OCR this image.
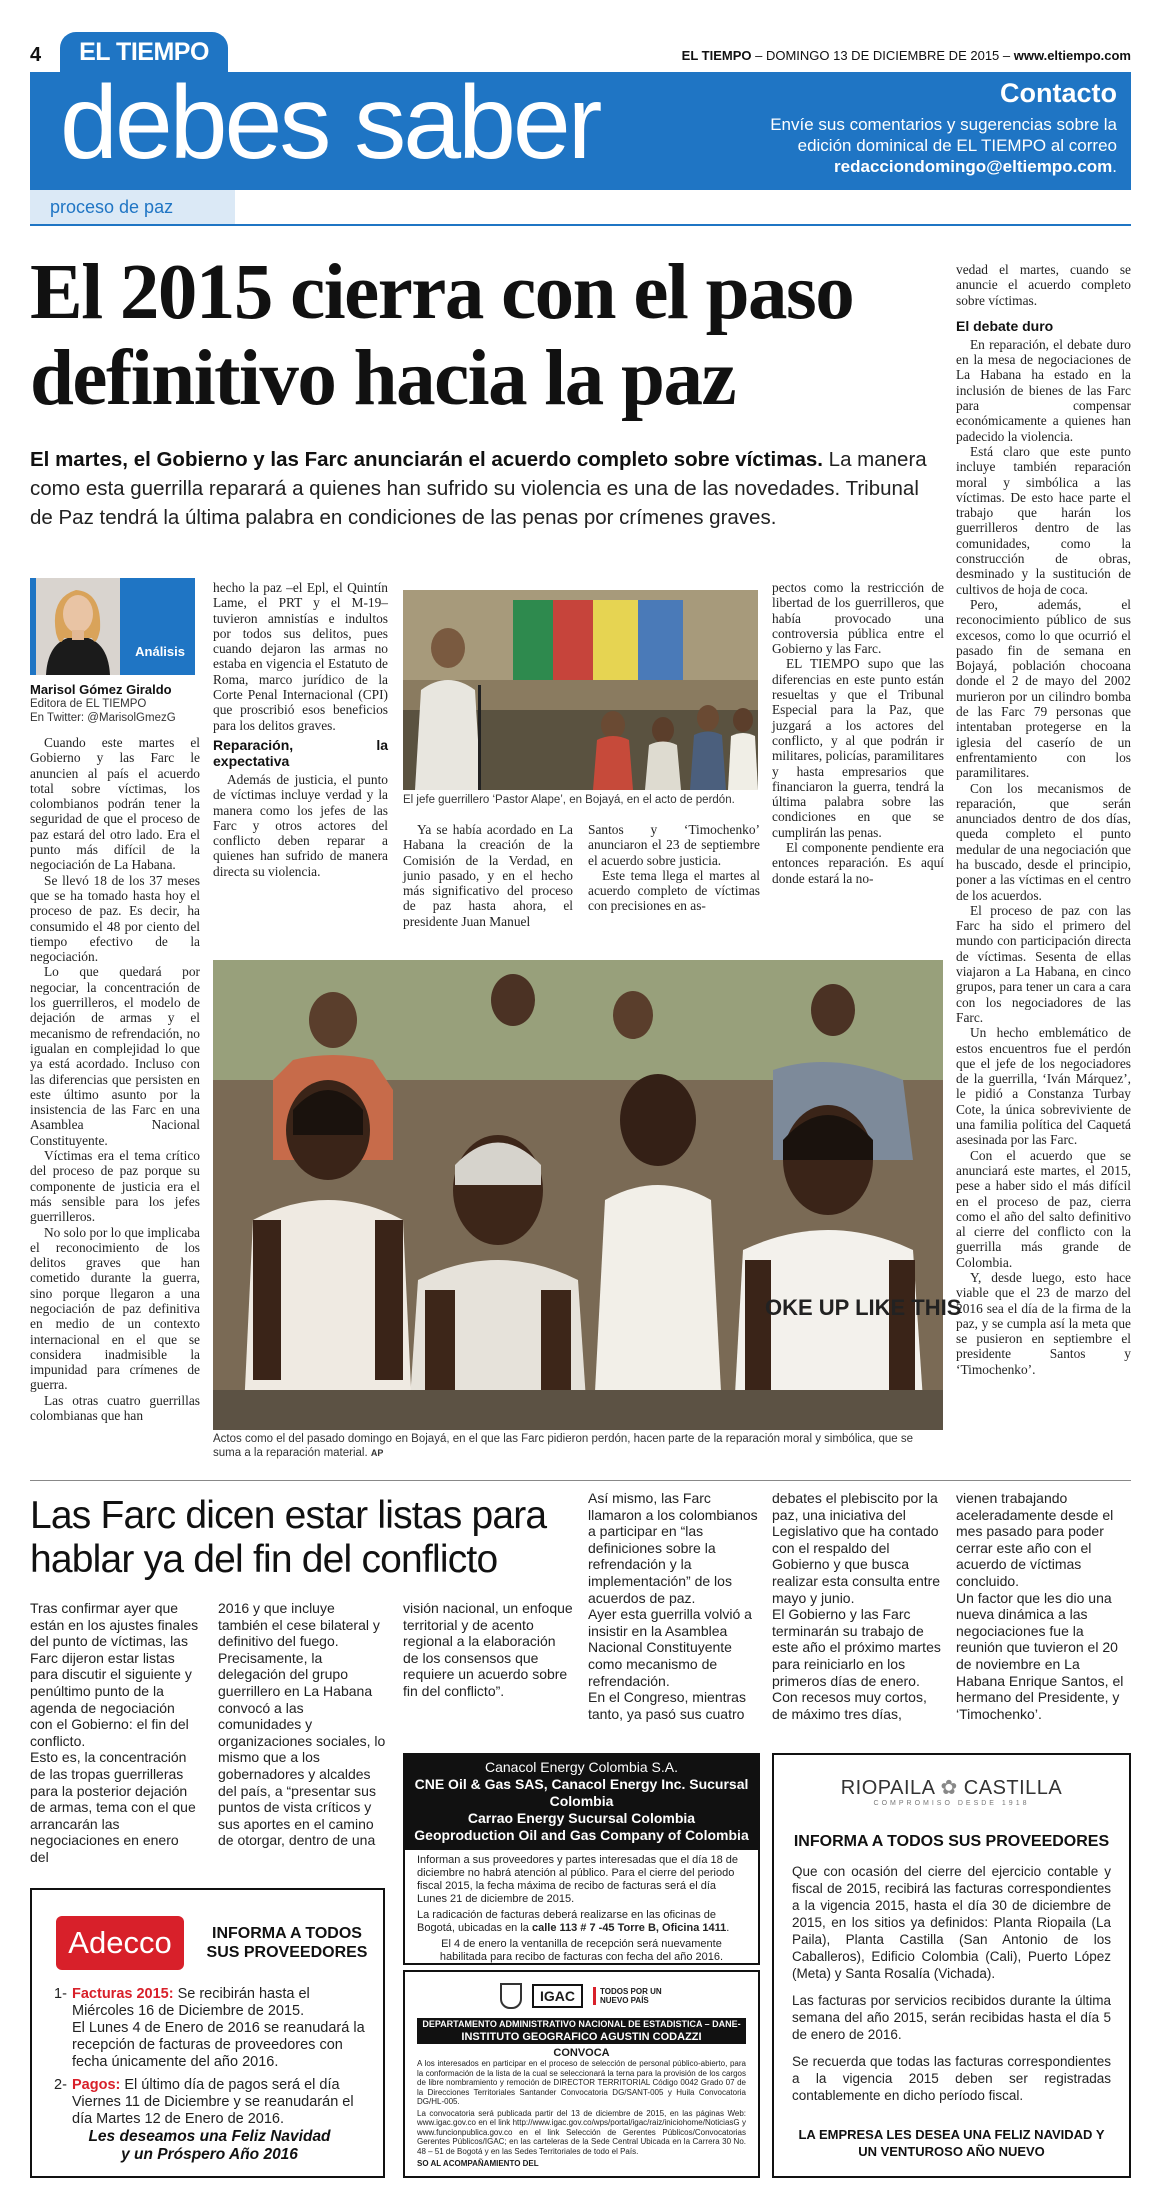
4	EL TIEMPO	EL TIEMPO – DOMINGO 13 DE DICIEMBRE DE 2015 – www.eltiempo.com
debes saber	Contacto
Envíe sus comentarios y sugerencias sobre la
edición dominical de EL TIEMPO al correo
redacciondomingo@eltiempo.com.
proceso de paz
El 2015 cierra con el paso
definitivo hacia la paz
El martes, el Gobierno y las Farc anunciarán el acuerdo completo sobre víctimas. La manera como esta guerrilla reparará a quienes han sufrido su violencia es una de las novedades. Tribunal de Paz tendrá la última palabra en condiciones de las penas por crímenes graves.
Análisis
Marisol Gómez Giraldo
Editora de EL TIEMPO
En Twitter: @MarisolGmezG

Cuando este martes el Gobierno y las Farc le anuncien al país el acuerdo total sobre víctimas, los colombianos podrán tener la seguridad de que el proceso de paz estará del otro lado. Era el punto más difícil de la negociación de La Habana.

Se llevó 18 de los 37 meses que se ha tomado hasta hoy el proceso de paz. Es decir, ha consumido el 48 por ciento del tiempo efectivo de la negociación.

Lo que quedará por negociar, la concentración de los guerrilleros, el modelo de dejación de armas y el mecanismo de refrendación, no igualan en complejidad lo que ya está acordado. Incluso con las diferencias que persisten en este último asunto por la insistencia de las Farc en una Asamblea Nacional Constituyente.

Víctimas era el tema crítico del proceso de paz porque su componente de justicia era el más sensible para los jefes guerrilleros.

No solo por lo que implicaba el reconocimiento de los delitos graves que han cometido durante la guerra, sino porque llegaron a una negociación de paz definitiva en medio de un contexto internacional en el que se considera inadmisible la impunidad para crímenes de guerra.

Las otras cuatro guerrillas colombianas que han

hecho la paz –el Epl, el Quintín Lame, el PRT y el M-19– tuvieron amnistías e indultos por todos sus delitos, pues cuando dejaron las armas no estaba en vigencia el Estatuto de Roma, marco jurídico de la Corte Penal Internacional (CPI) que proscribió esos beneficios para los delitos graves.

Reparación, la expectativa

Además de justicia, el punto de víctimas incluye verdad y la manera como los jefes de las Farc y otros actores del conflicto deben reparar a quienes han sufrido de manera directa su violencia.

El jefe guerrillero ‘Pastor Alape’, en Bojayá, en el acto de perdón.

Ya se había acordado en La Habana la creación de la Comisión de la Verdad, en junio pasado, y en el hecho más significativo del proceso de paz hasta ahora, el presidente Juan Manuel

Santos y ‘Timochenko’ anunciaron el 23 de septiembre el acuerdo sobre justicia.

Este tema llega el martes al acuerdo completo de víctimas con precisiones en as-

pectos como la restricción de libertad de los guerrilleros, que había provocado una controversia pública entre el Gobierno y las Farc.

EL TIEMPO supo que las diferencias en este punto están resueltas y que el Tribunal Especial para la Paz, que juzgará a los actores del conflicto, y al que podrán ir militares, policías, paramilitares y hasta empresarios que financiaron la guerra, tendrá la última palabra sobre las condiciones en que se cumplirán las penas.

El componente pendiente era entonces reparación. Es aquí donde estará la no-

OKE UP LIKE THIS
Actos como el del pasado domingo en Bojayá, en el que las Farc pidieron perdón, hacen parte de la reparación moral y simbólica, que se suma a la reparación material. AP

vedad el martes, cuando se anuncie el acuerdo completo sobre víctimas.

El debate duro

En reparación, el debate duro en la mesa de negociaciones de La Habana ha estado en la inclusión de bienes de las Farc para compensar económicamente a quienes han padecido la violencia.

Está claro que este punto incluye también reparación moral y simbólica a las víctimas. De esto hace parte el trabajo que harán los guerrilleros dentro de las comunidades, como la construcción de obras, desminado y la sustitución de cultivos de hoja de coca.

Pero, además, el reconocimiento público de sus excesos, como lo que ocurrió el pasado fin de semana en Bojayá, población chocoana donde el 2 de mayo del 2002 murieron por un cilindro bomba de las Farc 79 personas que intentaban protegerse en la iglesia del caserío de un enfrentamiento con los paramilitares.

Con los mecanismos de reparación, que serán anunciados dentro de dos días, queda completo el punto medular de una negociación que ha buscado, desde el principio, poner a las víctimas en el centro de los acuerdos.

El proceso de paz con las Farc ha sido el primero del mundo con participación directa de víctimas. Sesenta de ellas viajaron a La Habana, en cinco grupos, para tener un cara a cara con los negociadores de las Farc.

Un hecho emblemático de estos encuentros fue el perdón que el jefe de los negociadores de la guerrilla, ‘Iván Márquez’, le pidió a Constanza Turbay Cote, la única sobreviviente de una familia política del Caquetá asesinada por las Farc.

Con el acuerdo que se anunciará este martes, el 2015, pese a haber sido el más difícil en el proceso de paz, cierra como el año del salto definitivo al cierre del conflicto con la guerrilla más grande de Colombia.

Y, desde luego, esto hace viable que el 23 de marzo del 2016 sea el día de la firma de la paz, y se cumpla así la meta que se pusieron en septiembre el presidente Santos y ‘Timochenko’.

Las Farc dicen estar listas para
hablar ya del fin del conflicto
Tras confirmar ayer que están en los ajustes finales del punto de víctimas, las Farc dijeron estar listas para discutir el siguiente y penúltimo punto de la agenda de negociación con el Gobierno: el fin del conflicto.
Esto es, la concentración de las tropas guerrilleras para la posterior dejación de armas, tema con el que arrancarán las negociaciones en enero del
2016 y que incluye también el cese bilateral y definitivo del fuego.
Precisamente, la delegación del grupo guerrillero en La Habana convocó a las comunidades y organizaciones sociales, lo mismo que a los gobernadores y alcaldes del país, a “presentar sus puntos de vista críticos y sus aportes en el camino de otorgar, dentro de una
visión nacional, un enfoque territorial y de acento regional a la elaboración de los consensos que requiere un acuerdo sobre fin del conflicto”.
Así mismo, las Farc llamaron a los colombianos a participar en “las definiciones sobre la refrendación y la implementación” de los acuerdos de paz.
Ayer esta guerrilla volvió a insistir en la Asamblea Nacional Constituyente como mecanismo de refrendación.
En el Congreso, mientras tanto, ya pasó sus cuatro
debates el plebiscito por la paz, una iniciativa del Legislativo que ha contado con el respaldo del Gobierno y que busca realizar esta consulta entre mayo y junio.
El Gobierno y las Farc terminarán su trabajo de este año el próximo martes para reiniciarlo en los primeros días de enero.
Con recesos muy cortos, de máximo tres días,
vienen trabajando aceleradamente desde el mes pasado para poder cerrar este año con el acuerdo de víctimas concluido.
Un factor que les dio una nueva dinámica a las negociaciones fue la reunión que tuvieron el 20 de noviembre en La Habana Enrique Santos, el hermano del Presidente, y ‘Timochenko’.
Adecco	INFORMA A TODOS
SUS PROVEEDORES
1- Facturas 2015: Se recibirán hasta el Miércoles 16 de Diciembre de 2015.
El Lunes 4 de Enero de 2016 se reanudará la recepción de facturas de proveedores con fecha únicamente del año 2016.
2- Pagos: El último día de pagos será el día Viernes 11 de Diciembre y se reanudarán el día Martes 12 de Enero de 2016.
Les deseamos una Feliz Navidad
y un Próspero Año 2016
Canacol Energy Colombia S.A.
CNE Oil & Gas SAS, Canacol Energy Inc. Sucursal Colombia
Carrao Energy Sucursal Colombia
Geoproduction Oil and Gas Company of Colombia
Informan a sus proveedores y partes interesadas que el día 18 de diciembre no habrá atención al público. Para el cierre del periodo fiscal 2015, la fecha máxima de recibo de facturas será el día Lunes 21 de diciembre de 2015.
La radicación de facturas deberá realizarse en las oficinas de Bogotá, ubicadas en la calle 113 # 7 -45 Torre B, Oficina 1411.
El 4 de enero la ventanilla de recepción será nuevamente habilitada para recibo de facturas con fecha del año 2016.
IGAC	TODOS POR UN NUEVO PAÍS
DEPARTAMENTO ADMINISTRATIVO NACIONAL DE ESTADISTICA – DANE-
INSTITUTO GEOGRAFICO AGUSTIN CODAZZI
CONVOCA
A los interesados en participar en el proceso de selección de personal público-abierto, para la conformación de la lista de la cual se seleccionará la terna para la provisión de los cargos de libre nombramiento y remoción de DIRECTOR TERRITORIAL Código 0042 Grado 07 de la Direcciones Territoriales Santander Convocatoria DG/SANT-005 y Huila Convocatoria DG/HL-005.
La convocatoria será publicada partir del 13 de diciembre de 2015, en las páginas Web: www.igac.gov.co en el link http://www.igac.gov.co/wps/portal/igac/raiz/iniciohome/NoticiasG y www.funcionpublica.gov.co en el link Selección de Gerentes Públicos/Convocatorias Gerentes Públicos/IGAC; en las carteleras de la Sede Central Ubicada en la Carrera 30 No. 48 – 51 de Bogotá y en las Sedes Territoriales de todo el País.
SO AL ACOMPAÑAMIENTO DEL
RIOPAILA ✿ CASTILLA
COMPROMISO DESDE 1918
INFORMA A TODOS SUS PROVEEDORES
Que con ocasión del cierre del ejercicio contable y fiscal de 2015, recibirá las facturas correspondientes a la vigencia 2015, hasta el día 30 de diciembre de 2015, en los sitios ya definidos: Planta Riopaila (La Paila), Planta Castilla (San Antonio de los Caballeros), Edificio Colombia (Cali), Puerto López (Meta) y Santa Rosalía (Vichada).
Las facturas por servicios recibidos durante la última semana del año 2015, serán recibidas hasta el día 5 de enero de 2016.
Se recuerda que todas las facturas correspondientes a la vigencia 2015 deben ser registradas contablemente en dicho período fiscal.
LA EMPRESA LES DESEA UNA FELIZ NAVIDAD Y
UN VENTUROSO AÑO NUEVO
